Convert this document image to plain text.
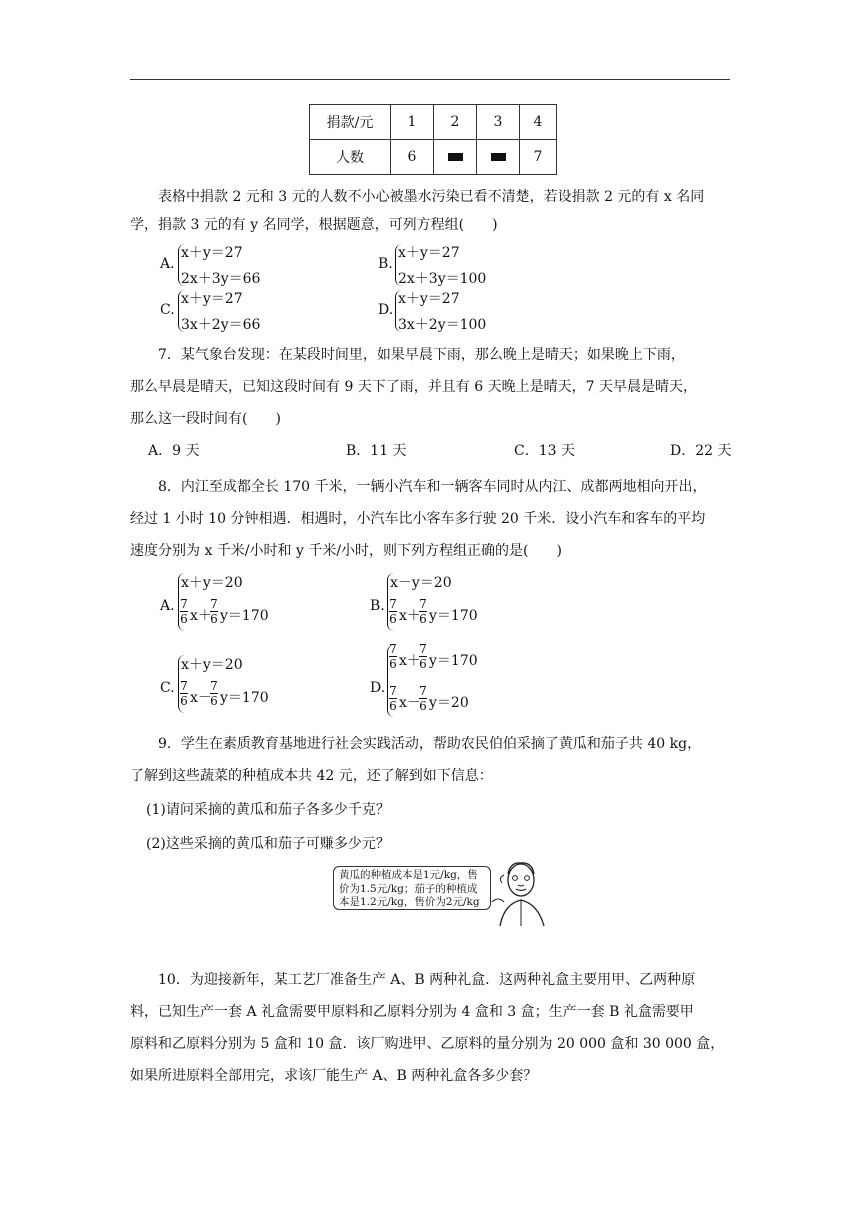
捐款/元	1	2	3	4
人数	6			7
表格中捐款 2 元和 3 元的人数不小心被墨水污染已看不清楚，若设捐款 2 元的有 x 名同
学，捐款 3 元的有 y 名同学，根据题意，可列方程组(　　)
A.
x＋y＝27
2x＋3y＝66
B.
x＋y＝27
2x＋3y＝100
C.
x＋y＝27
3x＋2y＝66
D.
x＋y＝27
3x＋2y＝100
7．某气象台发现：在某段时间里，如果早晨下雨，那么晚上是晴天；如果晚上下雨，
那么早晨是晴天，已知这段时间有 9 天下了雨，并且有 6 天晚上是晴天，7 天早晨是晴天，
那么这一段时间有(　　)
A．9 天	B．11 天	C．13 天	D．22 天
8．内江至成都全长 170 千米，一辆小汽车和一辆客车同时从内江、成都两地相向开出，
经过 1 小时 10 分钟相遇．相遇时，小汽车比小客车多行驶 20 千米．设小汽车和客车的平均
速度分别为 x 千米/小时和 y 千米/小时，则下列方程组正确的是(　　)
A.
x＋y＝20
7
6 x＋
7
6 y＝170
B.
x－y＝20
7
6 x＋
7
6 y＝170
C.
x＋y＝20
7
6 x－
7
6 y＝170
D.
7
6 x＋
7
6 y＝170
7
6 x－
7
6 y＝20
9．学生在素质教育基地进行社会实践活动，帮助农民伯伯采摘了黄瓜和茄子共 40 kg，
了解到这些蔬菜的种植成本共 42 元，还了解到如下信息：
(1)请问采摘的黄瓜和茄子各多少千克？
(2)这些采摘的黄瓜和茄子可赚多少元？
黄瓜的种植成本是1元/kg，售
价为1.5元/kg；茄子的种植成
本是1.2元/kg，售价为2元/kg
10．为迎接新年，某工艺厂准备生产 A、B 两种礼盒．这两种礼盒主要用甲、乙两种原
料，已知生产一套 A 礼盒需要甲原料和乙原料分别为 4 盒和 3 盒；生产一套 B 礼盒需要甲
原料和乙原料分别为 5 盒和 10 盒．该厂购进甲、乙原料的量分别为 20 000 盒和 30 000 盒，
如果所进原料全部用完，求该厂能生产 A、B 两种礼盒各多少套？
